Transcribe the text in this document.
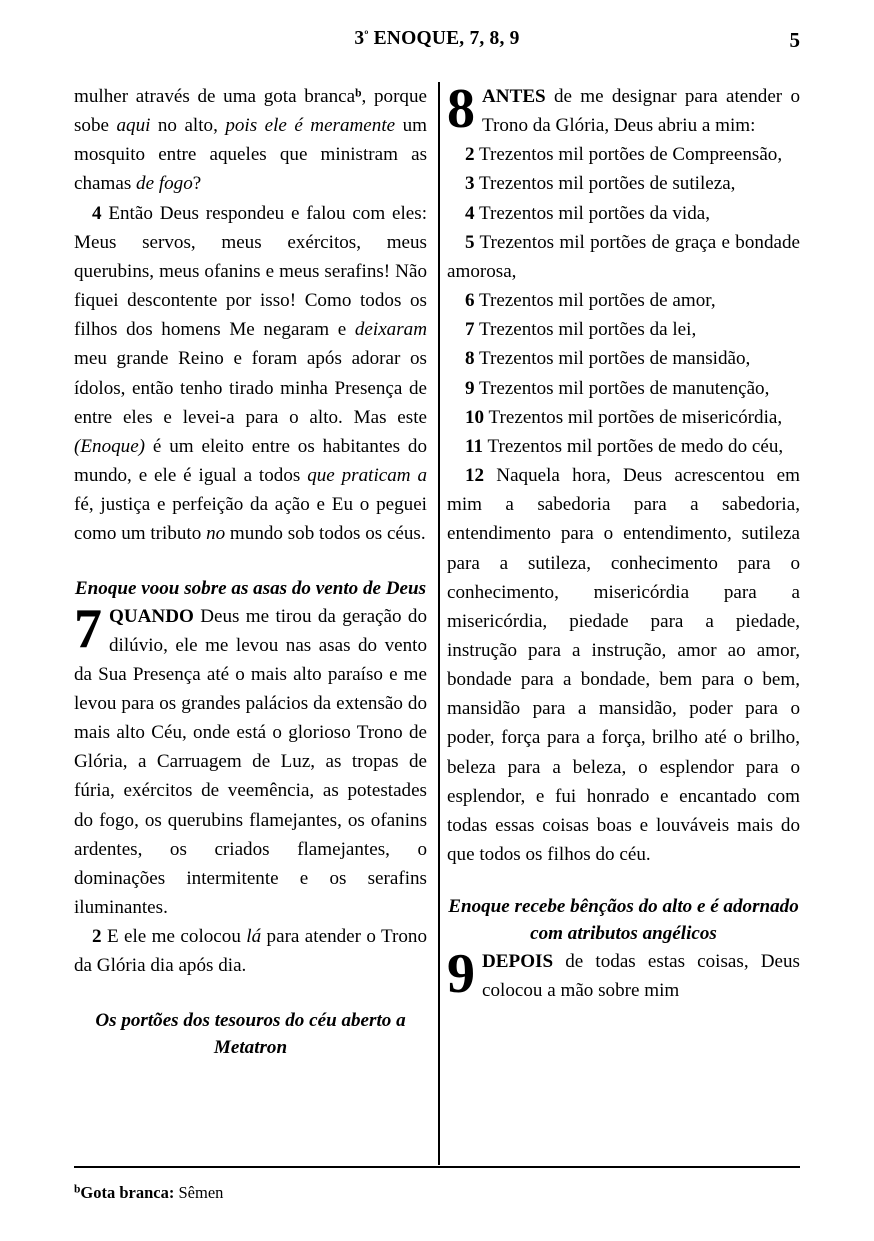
$3^º$ ENOQUE, 7, 8, 9	5

mulher através de uma gota branca$^b$, porque sobe aqui no alto, pois ele é meramente um mosquito entre aqueles que ministram as chamas de fogo?

4 Então Deus respondeu e falou com eles: Meus servos, meus exércitos, meus querubins, meus ofanins e meus serafins! Não fiquei descontente por isso! Como todos os filhos dos homens Me negaram e deixaram meu grande Reino e foram após adorar os ídolos, então tenho tirado minha Presença de entre eles e levei-a para o alto. Mas este (Enoque) é um eleito entre os habitantes do mundo, e ele é igual a todos que praticam a fé, justiça e perfeição da ação e Eu o peguei como um tributo no mundo sob todos os céus.

Enoque voou sobre as asas do vento de Deus

7 QUANDO Deus me tirou da geração do dilúvio, ele me levou nas asas do vento da Sua Presença até o mais alto paraíso e me levou para os grandes palácios da extensão do mais alto Céu, onde está o glorioso Trono de Glória, a Carruagem de Luz, as tropas de fúria, exércitos de veemência, as potestades do fogo, os querubins flamejantes, os ofanins ardentes, os criados flamejantes, o dominações intermitente e os serafins iluminantes.

2 E ele me colocou lá para atender o Trono da Glória dia após dia.

Os portões dos tesouros do céu aberto a Metatron

8 ANTES de me designar para atender o Trono da Glória, Deus abriu a mim:

2 Trezentos mil portões de Compreensão,

3 Trezentos mil portões de sutileza,

4 Trezentos mil portões da vida,

5 Trezentos mil portões de graça e bondade amorosa,

6 Trezentos mil portões de amor,

7 Trezentos mil portões da lei,

8 Trezentos mil portões de mansidão,

9 Trezentos mil portões de manutenção,

10 Trezentos mil portões de misericórdia,

11 Trezentos mil portões de medo do céu,

12 Naquela hora, Deus acrescentou em mim a sabedoria para a sabedoria, entendimento para o entendimento, sutileza para a sutileza, conhecimento para o conhecimento, misericórdia para a misericórdia, piedade para a piedade, instrução para a instrução, amor ao amor, bondade para a bondade, bem para o bem, mansidão para a mansidão, poder para o poder, força para a força, brilho até o brilho, beleza para a beleza, o esplendor para o esplendor, e fui honrado e encantado com todas essas coisas boas e louváveis mais do que todos os filhos do céu.

Enoque recebe bênçãos do alto e é adornado com atributos angélicos

9 DEPOIS de todas estas coisas, Deus colocou a mão sobre mim

$^b$Gota branca: Sêmen
